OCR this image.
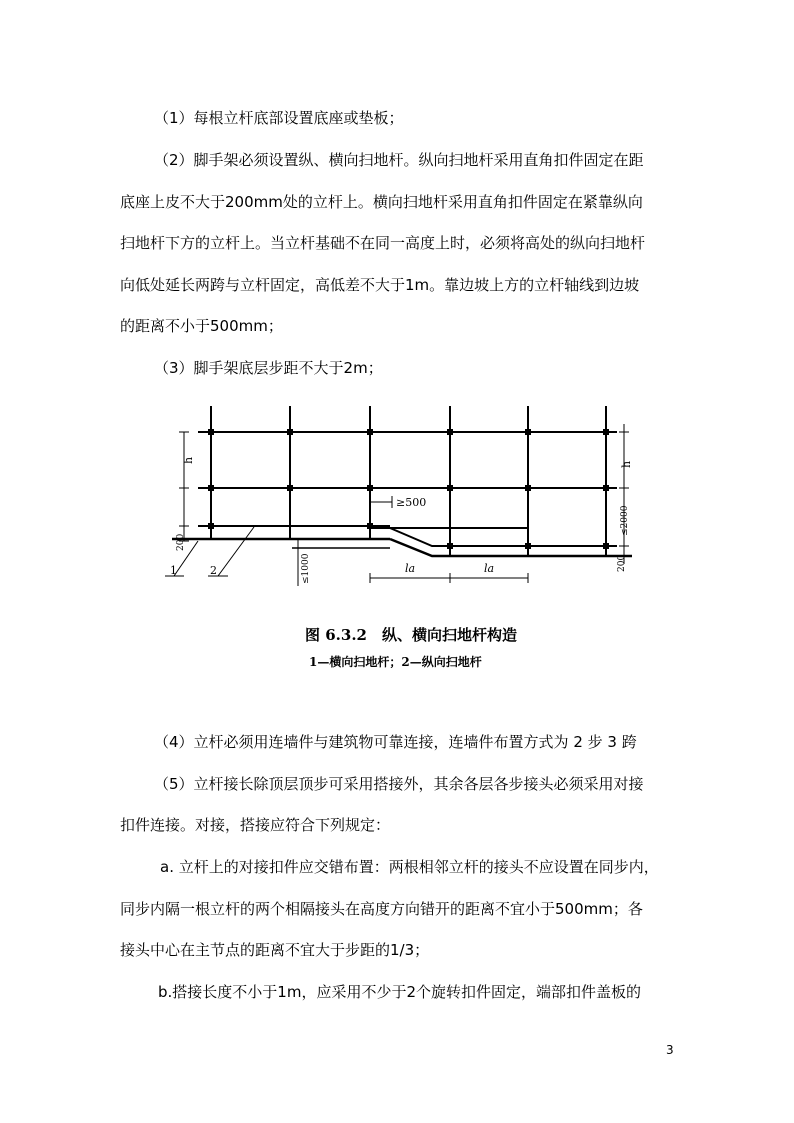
（1）每根立杆底部设置底座或垫板；
（2）脚手架必须设置纵、横向扫地杆。纵向扫地杆采用直角扣件固定在距
底座上皮不大于200mm处的立杆上。横向扫地杆采用直角扣件固定在紧靠纵向
扫地杆下方的立杆上。当立杆基础不在同一高度上时，必须将高处的纵向扫地杆
向低处延长两跨与立杆固定，高低差不大于1m。靠边坡上方的立杆轴线到边坡
的距离不小于500mm；
（3）脚手架底层步距不大于2m；
h
h
≥500
200
≤2000
200
≤1000	la	la
1	2
图 6.3.2　纵、横向扫地杆构造
1—横向扫地杆；2—纵向扫地杆
（4）立杆必须用连墙件与建筑物可靠连接，连墙件布置方式为 2 步 3 跨
（5）立杆接长除顶层顶步可采用搭接外，其余各层各步接头必须采用对接
扣件连接。对接，搭接应符合下列规定：
a. 立杆上的对接扣件应交错布置：两根相邻立杆的接头不应设置在同步内，
同步内隔一根立杆的两个相隔接头在高度方向错开的距离不宜小于500mm；各
接头中心在主节点的距离不宜大于步距的1/3；
b.搭接长度不小于1m，应采用不少于2个旋转扣件固定，端部扣件盖板的
3
